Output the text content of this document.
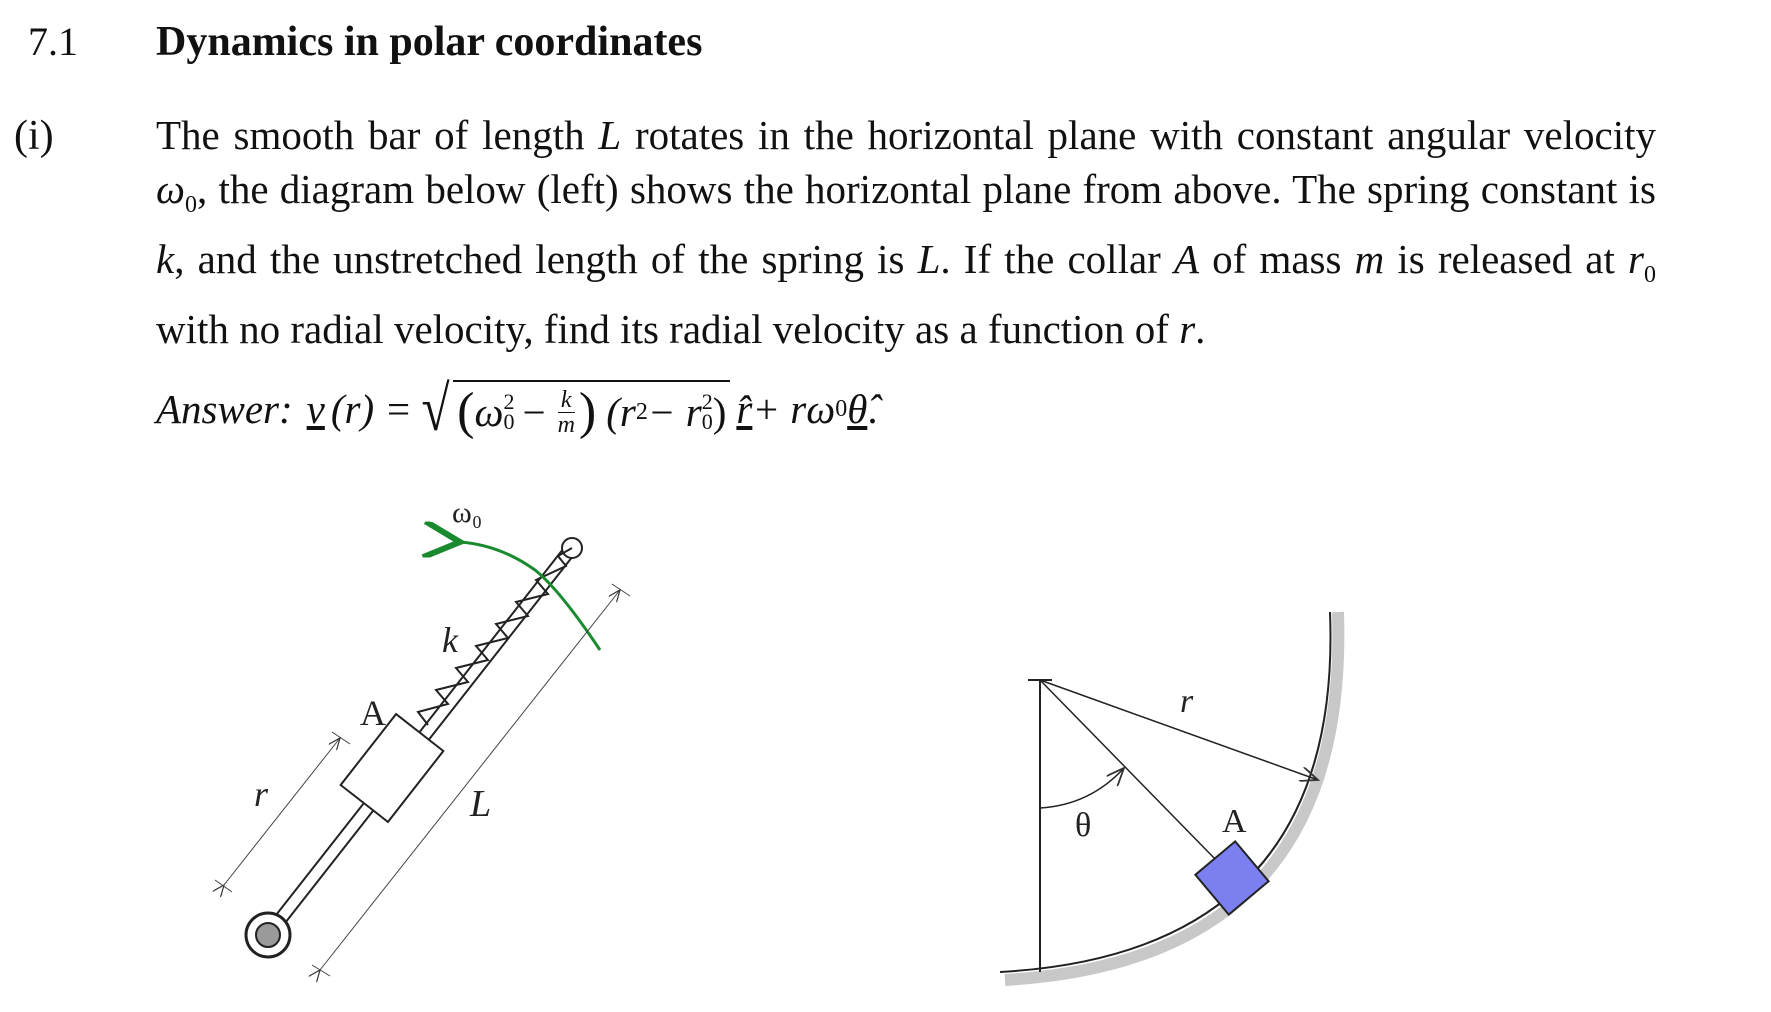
7.1 Dynamics in polar coordinates
(i) The smooth bar of length L rotates in the horizontal plane with constant angular velocity $\omega_0$, the diagram below (left) shows the horizontal plane from above. The spring constant is k, and the unstretched length of the spring is L. If the collar A of mass m is released at $r_0$ with no radial velocity, find its radial velocity as a function of r.
Answer: v (r) = √ ( ω 2
$0 - \frac{k}{m}$ ) (r 2 − r 2
0 ) r̂ + rω 0 θ̂ .
ω₀
k
A
r	L
r
θ	A
